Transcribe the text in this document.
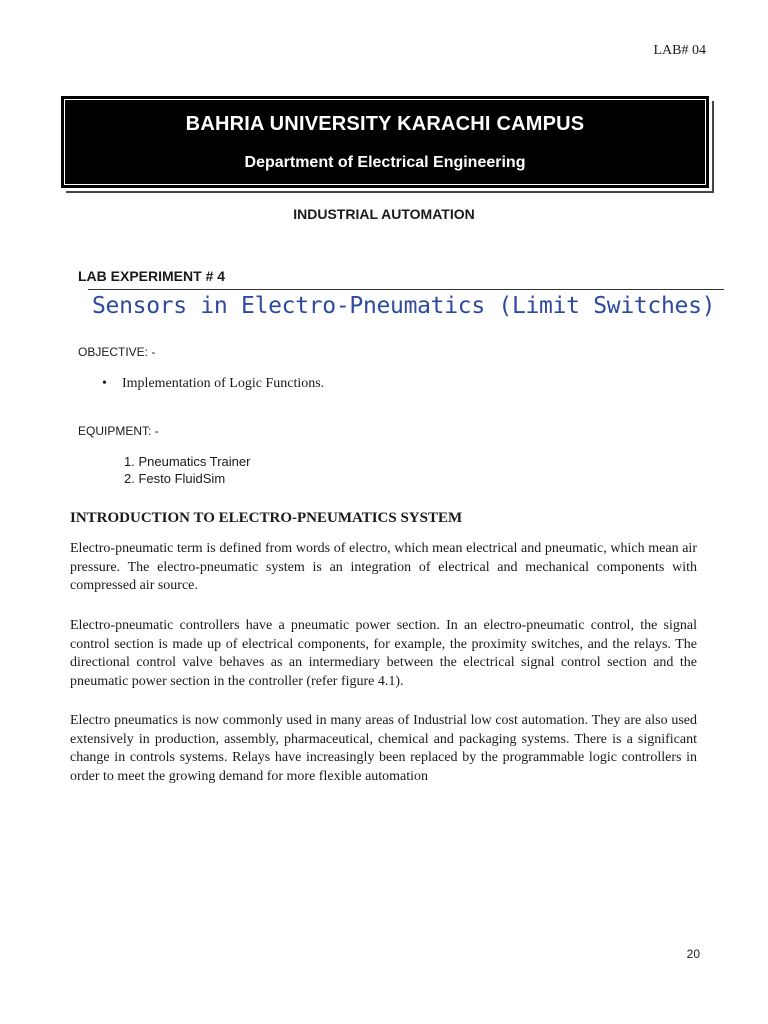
LAB# 04
BAHRIA UNIVERSITY KARACHI CAMPUS
Department of Electrical Engineering
INDUSTRIAL AUTOMATION
LAB EXPERIMENT # 4
Sensors in Electro-Pneumatics (Limit Switches)
OBJECTIVE: -
• Implementation of Logic Functions.
EQUIPMENT: -
1. Pneumatics Trainer
2. Festo FluidSim
INTRODUCTION TO ELECTRO-PNEUMATICS SYSTEM
Electro-pneumatic term is defined from words of electro, which mean electrical and pneumatic, which mean air pressure. The electro-pneumatic system is an integration of electrical and mechanical components with compressed air source.
Electro-pneumatic controllers have a pneumatic power section. In an electro-pneumatic control, the signal control section is made up of electrical components, for example, the proximity switches, and the relays. The directional control valve behaves as an intermediary between the electrical signal control section and the pneumatic power section in the controller (refer figure 4.1).
Electro pneumatics is now commonly used in many areas of Industrial low cost automation. They are also used extensively in production, assembly, pharmaceutical, chemical and packaging systems. There is a significant change in controls systems. Relays have increasingly been replaced by the programmable logic controllers in order to meet the growing demand for more flexible automation
20
